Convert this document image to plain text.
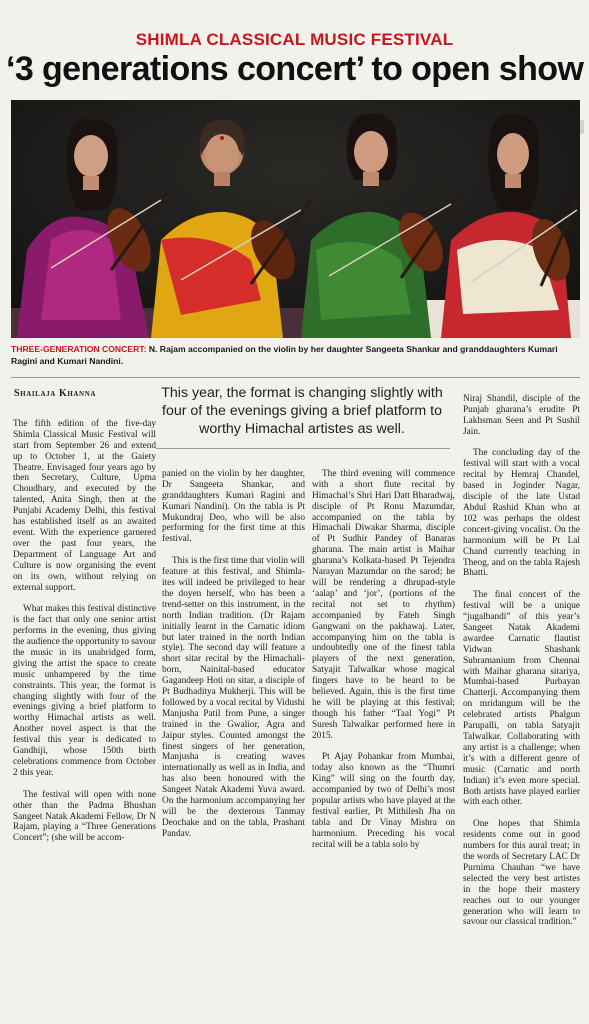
SHIMLA CLASSICAL MUSIC FESTIVAL
‘3 generations concert’ to open show
THREE-GENERATION CONCERT: N. Rajam accompanied on the violin by her daughter Sangeeta Shankar and granddaughters Kumari Ragini and Kumari Nandini.
Shailaja Khanna	This year, the format is changing slightly with four of the evenings giving a brief platform to worthy Himachal artistes as well.

The fifth edition of the five-day Shimla Classical Music Festival will start from September 26 and extend up to October 1, at the Gaiety Theatre. Envisaged four years ago by then Secretary, Culture, Upma Choudhary, and executed by the talented, Anita Singh, then at the Punjabi Academy Delhi, this festival has established itself as an awaited event. With the experience garnered over the past four years, the Department of Language Art and Culture is now organising the event on its own, without relying on external support.

What makes this festival distinctive is the fact that only one senior artist performs in the evening, thus giving the audience the opportunity to savour the music in its unabridged form, giving the artist the space to create music unhampered by the time constraints. This year, the format is changing slightly with four of the evenings giving a brief platform to worthy Himachal artists as well. Another novel aspect is that the festival this year is dedicated to Gandhiji, whose 150th birth celebrations commence from October 2 this year.

The festival will open with none other than the Padma Bhushan Sangeet Natak Akademi Fellow, Dr N Rajam, playing a “Three Generations Concert”; (she will be accom-

panied on the violin by her daughter, Dr Sangeeta Shankar, and granddaughters Kumari Ragini and Kumari Nandini). On the tabla is Pt Mukundraj Deo, who will be also performing for the first time at this festival.

This is the first time that violin will feature at this festival, and Shimla-ites will indeed be privileged to hear the doyen herself, who has been a trend-setter on this instrument, in the north Indian tradition. (Dr Rajam initially learnt in the Carnatic idiom but later trained in the north Indian style). The second day will feature a short sitar recital by the Himachali-born, Nainital-based educator Gagandeep Hoti on sitar, a disciple of Pt Budhaditya Mukherji. This will be followed by a vocal recital by Vidushi Manjusha Patil from Pune, a singer trained in the Gwalior, Agra and Jaipur styles. Counted amongst the finest singers of her generation, Manjusha is creating waves internationally as well as in India, and has also been honoured with the Sangeet Natak Akademi Yuva award. On the harmonium accompanying her will be the dexterous Tanmay Deochake and on the tabla, Prashant Pandav.

The third evening will commence with a short flute recital by Himachal’s Shri Hari Datt Bharadwaj, disciple of Pt Ronu Mazumdar, accompanied on the tabla by Himachali Diwakar Sharma, disciple of Pt Sudhir Pandey of Banaras gharana. The main artist is Maihar gharana’s Kolkata-based Pt Tejendra Narayan Mazumdar on the sarod; he will be rendering a dhrupad-style ‘aalap’ and ‘jor’, (portions of the recital not set to rhythm) accompanied by Fateh Singh Gangwani on the pakhawaj. Later, accompanying him on the tabla is undoubtedly one of the finest tabla players of the next generation, Satyajit Talwalkar whose magical fingers have to be heard to be believed. Again, this is the first time he will be playing at this festival; though his father “Taal Yogi” Pt Suresh Talwalkar performed here in 2015.

Pt Ajay Pohankar from Mumbai, today also known as the “Thumri King” will sing on the fourth day, accompanied by two of Delhi’s most popular artists who have played at the festival earlier, Pt Mithilesh Jha on tabla and Dr Vinay Mishra on harmonium. Preceding his vocal recital will be a tabla solo by

Niraj Shandil, disciple of the Punjab gharana’s erudite Pt Lakhsman Seen and Pt Sushil Jain.

The concluding day of the festival will start with a vocal recital by Hemraj Chandel, based in Joginder Nagar, disciple of the late Ustad Abdul Rashid Khan who at 102 was perhaps the oldest concert-giving vocalist. On the harmonium will be Pt Lal Chand currently teaching in Theog, and on the tabla Rajesh Bhatti.

The final concert of the festival will be a unique “jugalbandi” of this year’s Sangeet Natak Akademi awardee Carnatic flautist Vidwan Shashank Subramanium from Chennai with Maihar gharana sitariya, Mumbai-based Purbayan Chatterji. Accompanying them on mridangum will be the celebrated artists Phalgun Parupalli, on tabla Satyajit Talwalkar. Collaborating with any artist is a challenge; when it’s with a different genre of music (Carnatic and north Indian) it’s even more special. Both artists have played earlier with each other.

One hopes that Shimla residents come out in good numbers for this aural treat; in the words of Secretary LAC Dr Purnima Chauhan “we have selected the very best artistes in the hope their mastery reaches out to our younger generation who will learn to savour our classical tradition.”
